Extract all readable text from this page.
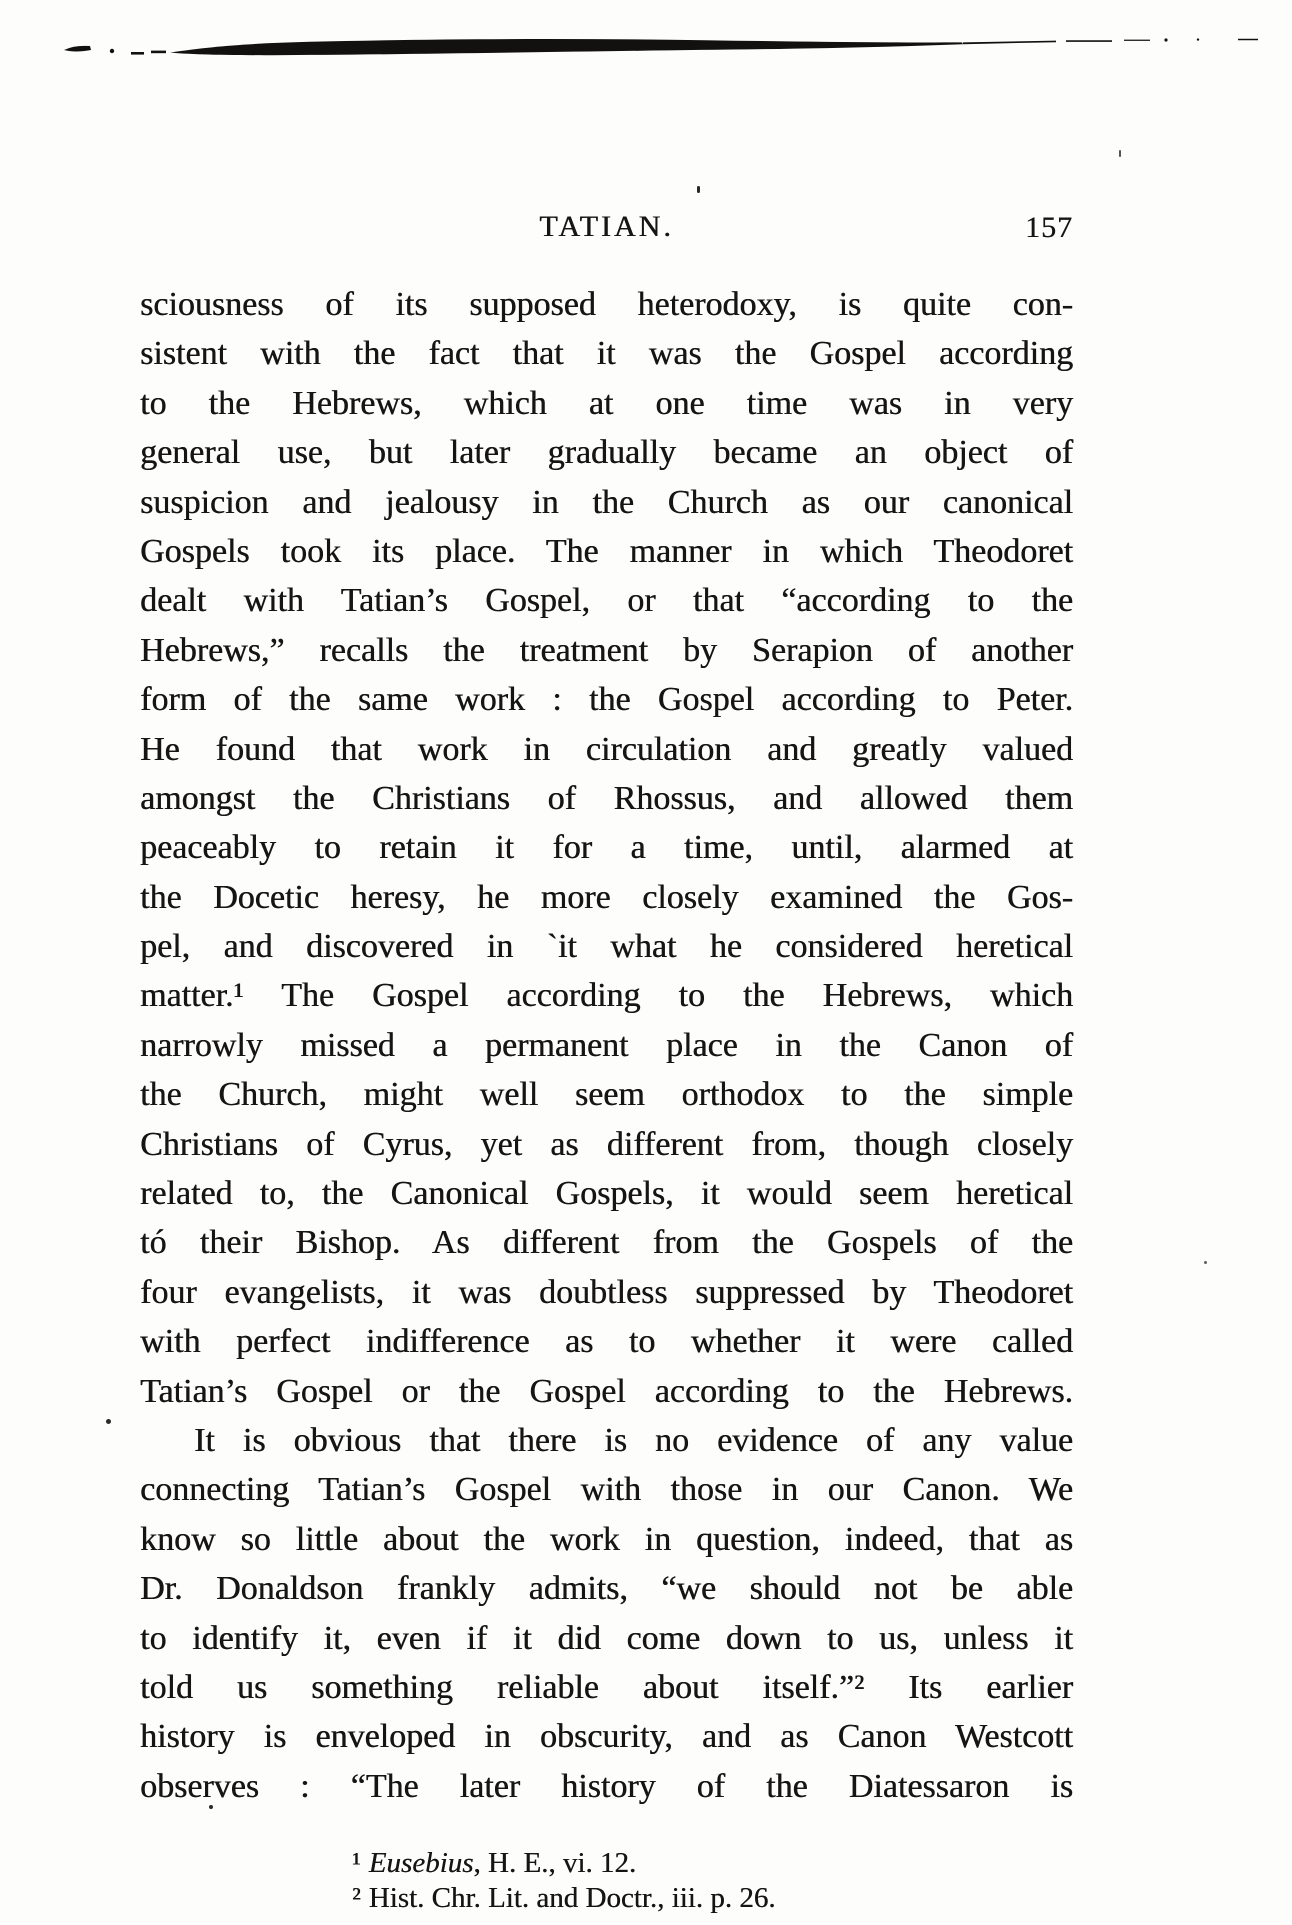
TATIAN.	157
sciousness of its supposed heterodoxy, is quite con-
sistent with the fact that it was the Gospel according
to the Hebrews, which at one time was in very
general use, but later gradually became an object of
suspicion and jealousy in the Church as our canonical
Gospels took its place. The manner in which Theodoret
dealt with Tatian’s Gospel, or that “according to the
Hebrews,” recalls the treatment by Serapion of another
form of the same work : the Gospel according to Peter.
He found that work in circulation and greatly valued
amongst the Christians of Rhossus, and allowed them
peaceably to retain it for a time, until, alarmed at
the Docetic heresy, he more closely examined the Gos-
pel, and discovered in `it what he considered heretical
matter.¹ The Gospel according to the Hebrews, which
narrowly missed a permanent place in the Canon of
the Church, might well seem orthodox to the simple
Christians of Cyrus, yet as different from, though closely
related to, the Canonical Gospels, it would seem heretical
tó their Bishop. As different from the Gospels of the
four evangelists, it was doubtless suppressed by Theodoret
with perfect indifference as to whether it were called
Tatian’s Gospel or the Gospel according to the Hebrews.
It is obvious that there is no evidence of any value
connecting Tatian’s Gospel with those in our Canon. We
know so little about the work in question, indeed, that as
Dr. Donaldson frankly admits, “we should not be able
to identify it, even if it did come down to us, unless it
told us something reliable about itself.”² Its earlier
history is enveloped in obscurity, and as Canon Westcott
observes : “The later history of the Diatessaron is
¹ Eusebius, H. E., vi. 12.
² Hist. Chr. Lit. and Doctr., iii. p. 26.
